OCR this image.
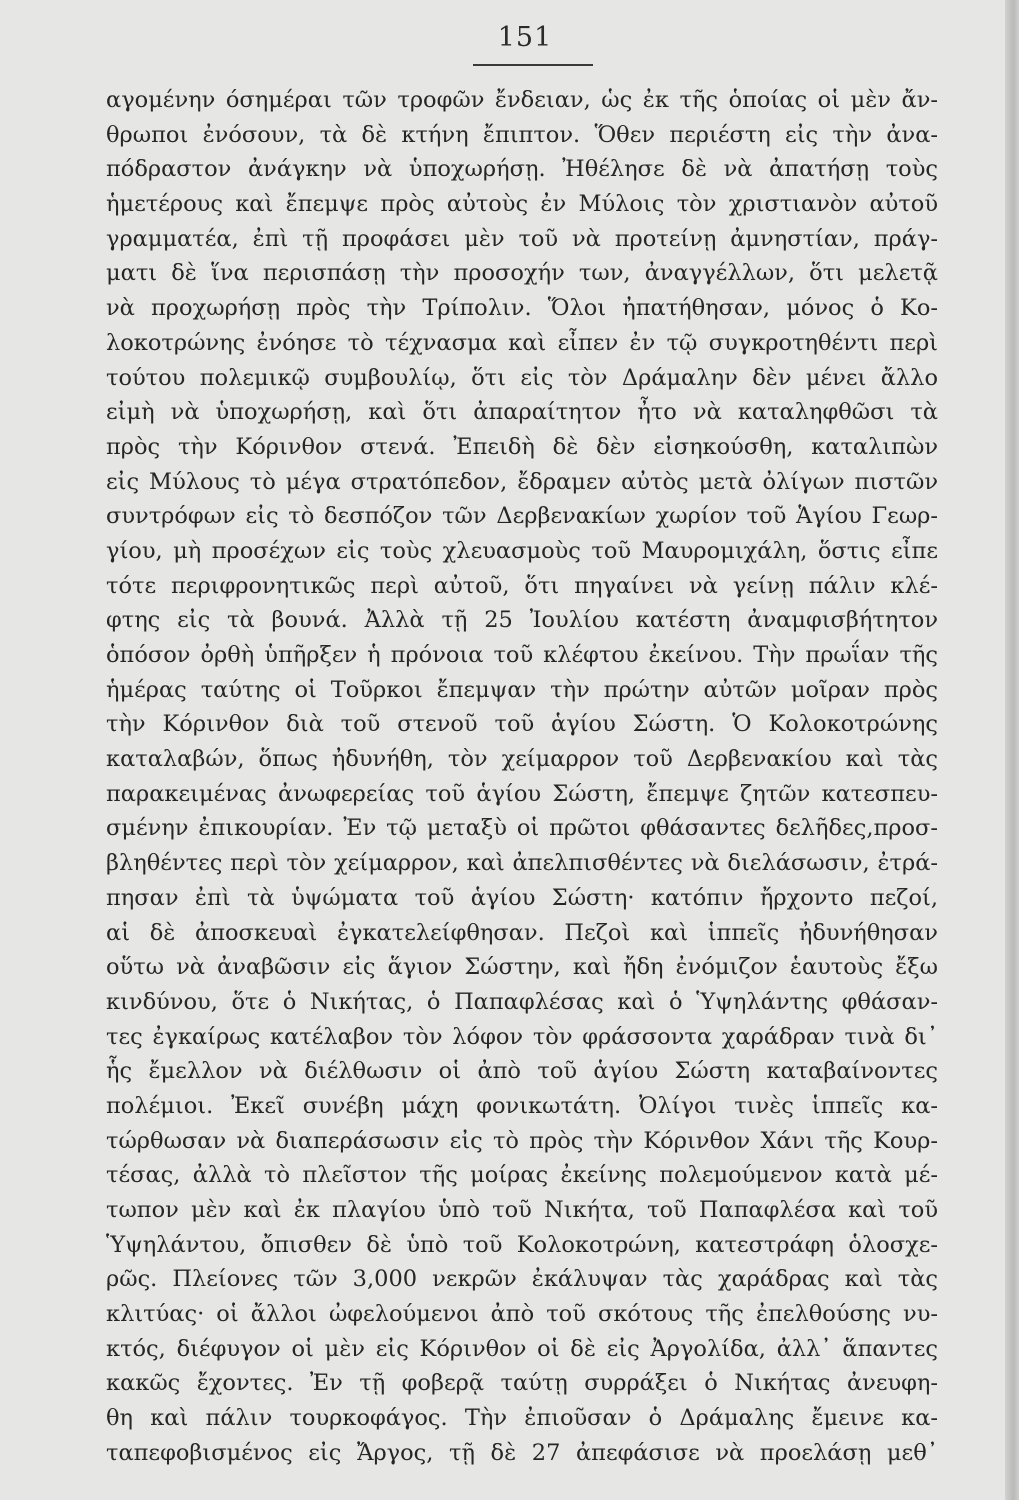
151
αγομένην όσημέραι τῶν τροφῶν ἔνδειαν, ὡς ἐκ τῆς ὁποίας οἱ μὲν ἄν-
θρωποι ἐνόσουν, τὰ δὲ κτήνη ἔπιπτον. Ὅθεν περιέστη εἰς τὴν ἀνα-
πόδραστον ἀνάγκην νὰ ὑποχωρήσῃ. Ἠθέλησε δὲ νὰ ἀπατήσῃ τοὺς
ἡμετέρους καὶ ἔπεμψε πρὸς αὐτοὺς ἐν Μύλοις τὸν χριστιανὸν αὐτοῦ
γραμματέα, ἐπὶ τῇ προφάσει μὲν τοῦ νὰ προτείνῃ ἀμνηστίαν, πράγ-
ματι δὲ ἵνα περισπάσῃ τὴν προσοχήν των, ἀναγγέλλων, ὅτι μελετᾷ
νὰ προχωρήσῃ πρὸς τὴν Τρίπολιν. Ὅλοι ἠπατήθησαν, μόνος ὁ Κο-
λοκοτρώνης ἐνόησε τὸ τέχνασμα καὶ εἶπεν ἐν τῷ συγκροτηθέντι περὶ
τούτου πολεμικῷ συμβουλίῳ, ὅτι εἰς τὸν Δράμαλην δὲν μένει ἄλλο
εἰμὴ νὰ ὑποχωρήσῃ, καὶ ὅτι ἀπαραίτητον ἦτο νὰ καταληφθῶσι τὰ
πρὸς τὴν Κόρινθον στενά. Ἐπειδὴ δὲ δὲν εἰσηκούσθη, καταλιπὼν
εἰς Μύλους τὸ μέγα στρατόπεδον, ἔδραμεν αὐτὸς μετὰ ὀλίγων πιστῶν
συντρόφων εἰς τὸ δεσπόζον τῶν Δερβενακίων χωρίον τοῦ Ἁγίου Γεωρ-
γίου, μὴ προσέχων εἰς τοὺς χλευασμοὺς τοῦ Μαυρομιχάλη, ὅστις εἶπε
τότε περιφρονητικῶς περὶ αὐτοῦ, ὅτι πηγαίνει νὰ γείνῃ πάλιν κλέ-
φτης εἰς τὰ βουνά. Ἀλλὰ τῇ 25 Ἰουλίου κατέστη ἀναμφισβήτητον
ὁπόσον ὀρθὴ ὑπῆρξεν ἡ πρόνοια τοῦ κλέφτου ἐκείνου. Τὴν πρωΐαν τῆς
ἡμέρας ταύτης οἱ Τοῦρκοι ἔπεμψαν τὴν πρώτην αὐτῶν μοῖραν πρὸς
τὴν Κόρινθον διὰ τοῦ στενοῦ τοῦ ἁγίου Σώστη. Ὁ Κολοκοτρώνης
καταλαβών, ὅπως ἠδυνήθη, τὸν χείμαρρον τοῦ Δερβενακίου καὶ τὰς
παρακειμένας ἀνωφερείας τοῦ ἁγίου Σώστη, ἔπεμψε ζητῶν κατεσπευ-
σμένην ἐπικουρίαν. Ἐν τῷ μεταξὺ οἱ πρῶτοι φθάσαντες δελῆδες,προσ-
βληθέντες περὶ τὸν χείμαρρον, καὶ ἀπελπισθέντες νὰ διελάσωσιν, ἐτρά-
πησαν ἐπὶ τὰ ὑψώματα τοῦ ἁγίου Σώστη· κατόπιν ἤρχοντο πεζοί,
αἱ δὲ ἀποσκευαὶ ἐγκατελείφθησαν. Πεζοὶ καὶ ἱππεῖς ἠδυνήθησαν
οὕτω νὰ ἀναβῶσιν εἰς ἅγιον Σώστην, καὶ ἤδη ἐνόμιζον ἑαυτοὺς ἔξω
κινδύνου, ὅτε ὁ Νικήτας, ὁ Παπαφλέσας καὶ ὁ Ὑψηλάντης φθάσαν-
τες ἐγκαίρως κατέλαβον τὸν λόφον τὸν φράσσοντα χαράδραν τινὰ δι᾽
ἧς ἔμελλον νὰ διέλθωσιν οἱ ἀπὸ τοῦ ἁγίου Σώστη καταβαίνοντες
πολέμιοι. Ἐκεῖ συνέβη μάχη φονικωτάτη. Ὀλίγοι τινὲς ἱππεῖς κα-
τώρθωσαν νὰ διαπεράσωσιν εἰς τὸ πρὸς τὴν Κόρινθον Χάνι τῆς Κουρ-
τέσας, ἀλλὰ τὸ πλεῖστον τῆς μοίρας ἐκείνης πολεμούμενον κατὰ μέ-
τωπον μὲν καὶ ἐκ πλαγίου ὑπὸ τοῦ Νικήτα, τοῦ Παπαφλέσα καὶ τοῦ
Ὑψηλάντου, ὄπισθεν δὲ ὑπὸ τοῦ Κολοκοτρώνη, κατεστράφη ὁλοσχε-
ρῶς. Πλείονες τῶν 3,000 νεκρῶν ἐκάλυψαν τὰς χαράδρας καὶ τὰς
κλιτύας· οἱ ἄλλοι ὠφελούμενοι ἀπὸ τοῦ σκότους τῆς ἐπελθούσης νυ-
κτός, διέφυγον οἱ μὲν εἰς Κόρινθον οἱ δὲ εἰς Ἀργολίδα, ἀλλ᾽ ἅπαντες
κακῶς ἔχοντες. Ἐν τῇ φοβερᾷ ταύτῃ συρράξει ὁ Νικήτας ἀνευφη-
θη καὶ πάλιν τουρκοφάγος. Τὴν ἐπιοῦσαν ὁ Δράμαλης ἔμεινε κα-
ταπεφοβισμένος εἰς Ἄργος, τῇ δὲ 27 ἀπεφάσισε νὰ προελάσῃ μεθ᾽
